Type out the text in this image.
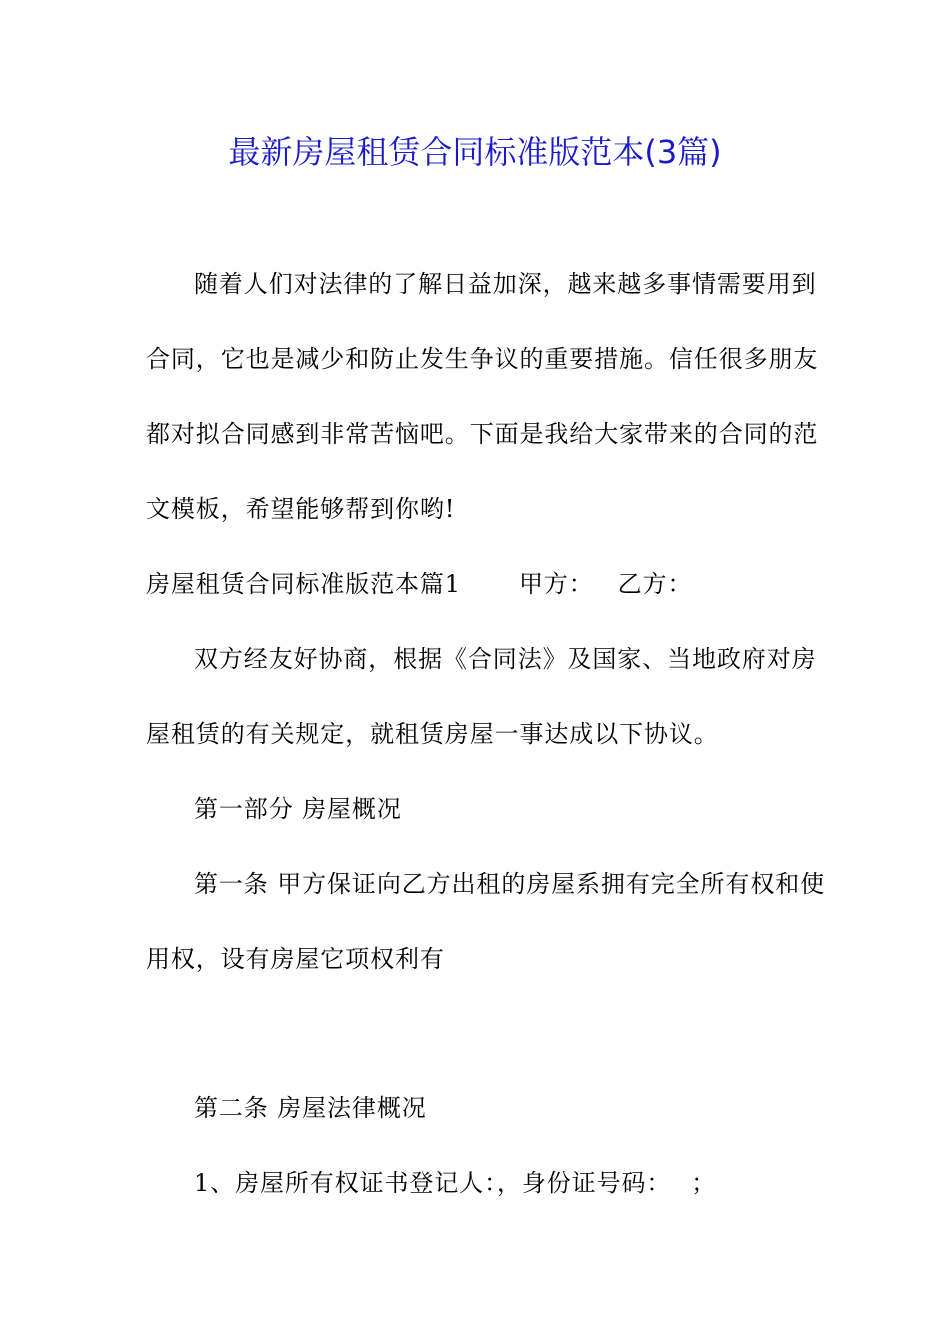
最新房屋租赁合同标准版范本(3篇)
随着人们对法律的了解日益加深，越来越多事情需要用到
合同，它也是减少和防止发生争议的重要措施。信任很多朋友
都对拟合同感到非常苦恼吧。下面是我给大家带来的合同的范
文模板，希望能够帮到你哟!
房屋租赁合同标准版范本篇1 甲方： 乙方：
双方经友好协商，根据《合同法》及国家、当地政府对房
屋租赁的有关规定，就租赁房屋一事达成以下协议。
第一部分 房屋概况
第一条 甲方保证向乙方出租的房屋系拥有完全所有权和使
用权，设有房屋它项权利有
第二条 房屋法律概况
1、房屋所有权证书登记人：，身份证号码： ；
